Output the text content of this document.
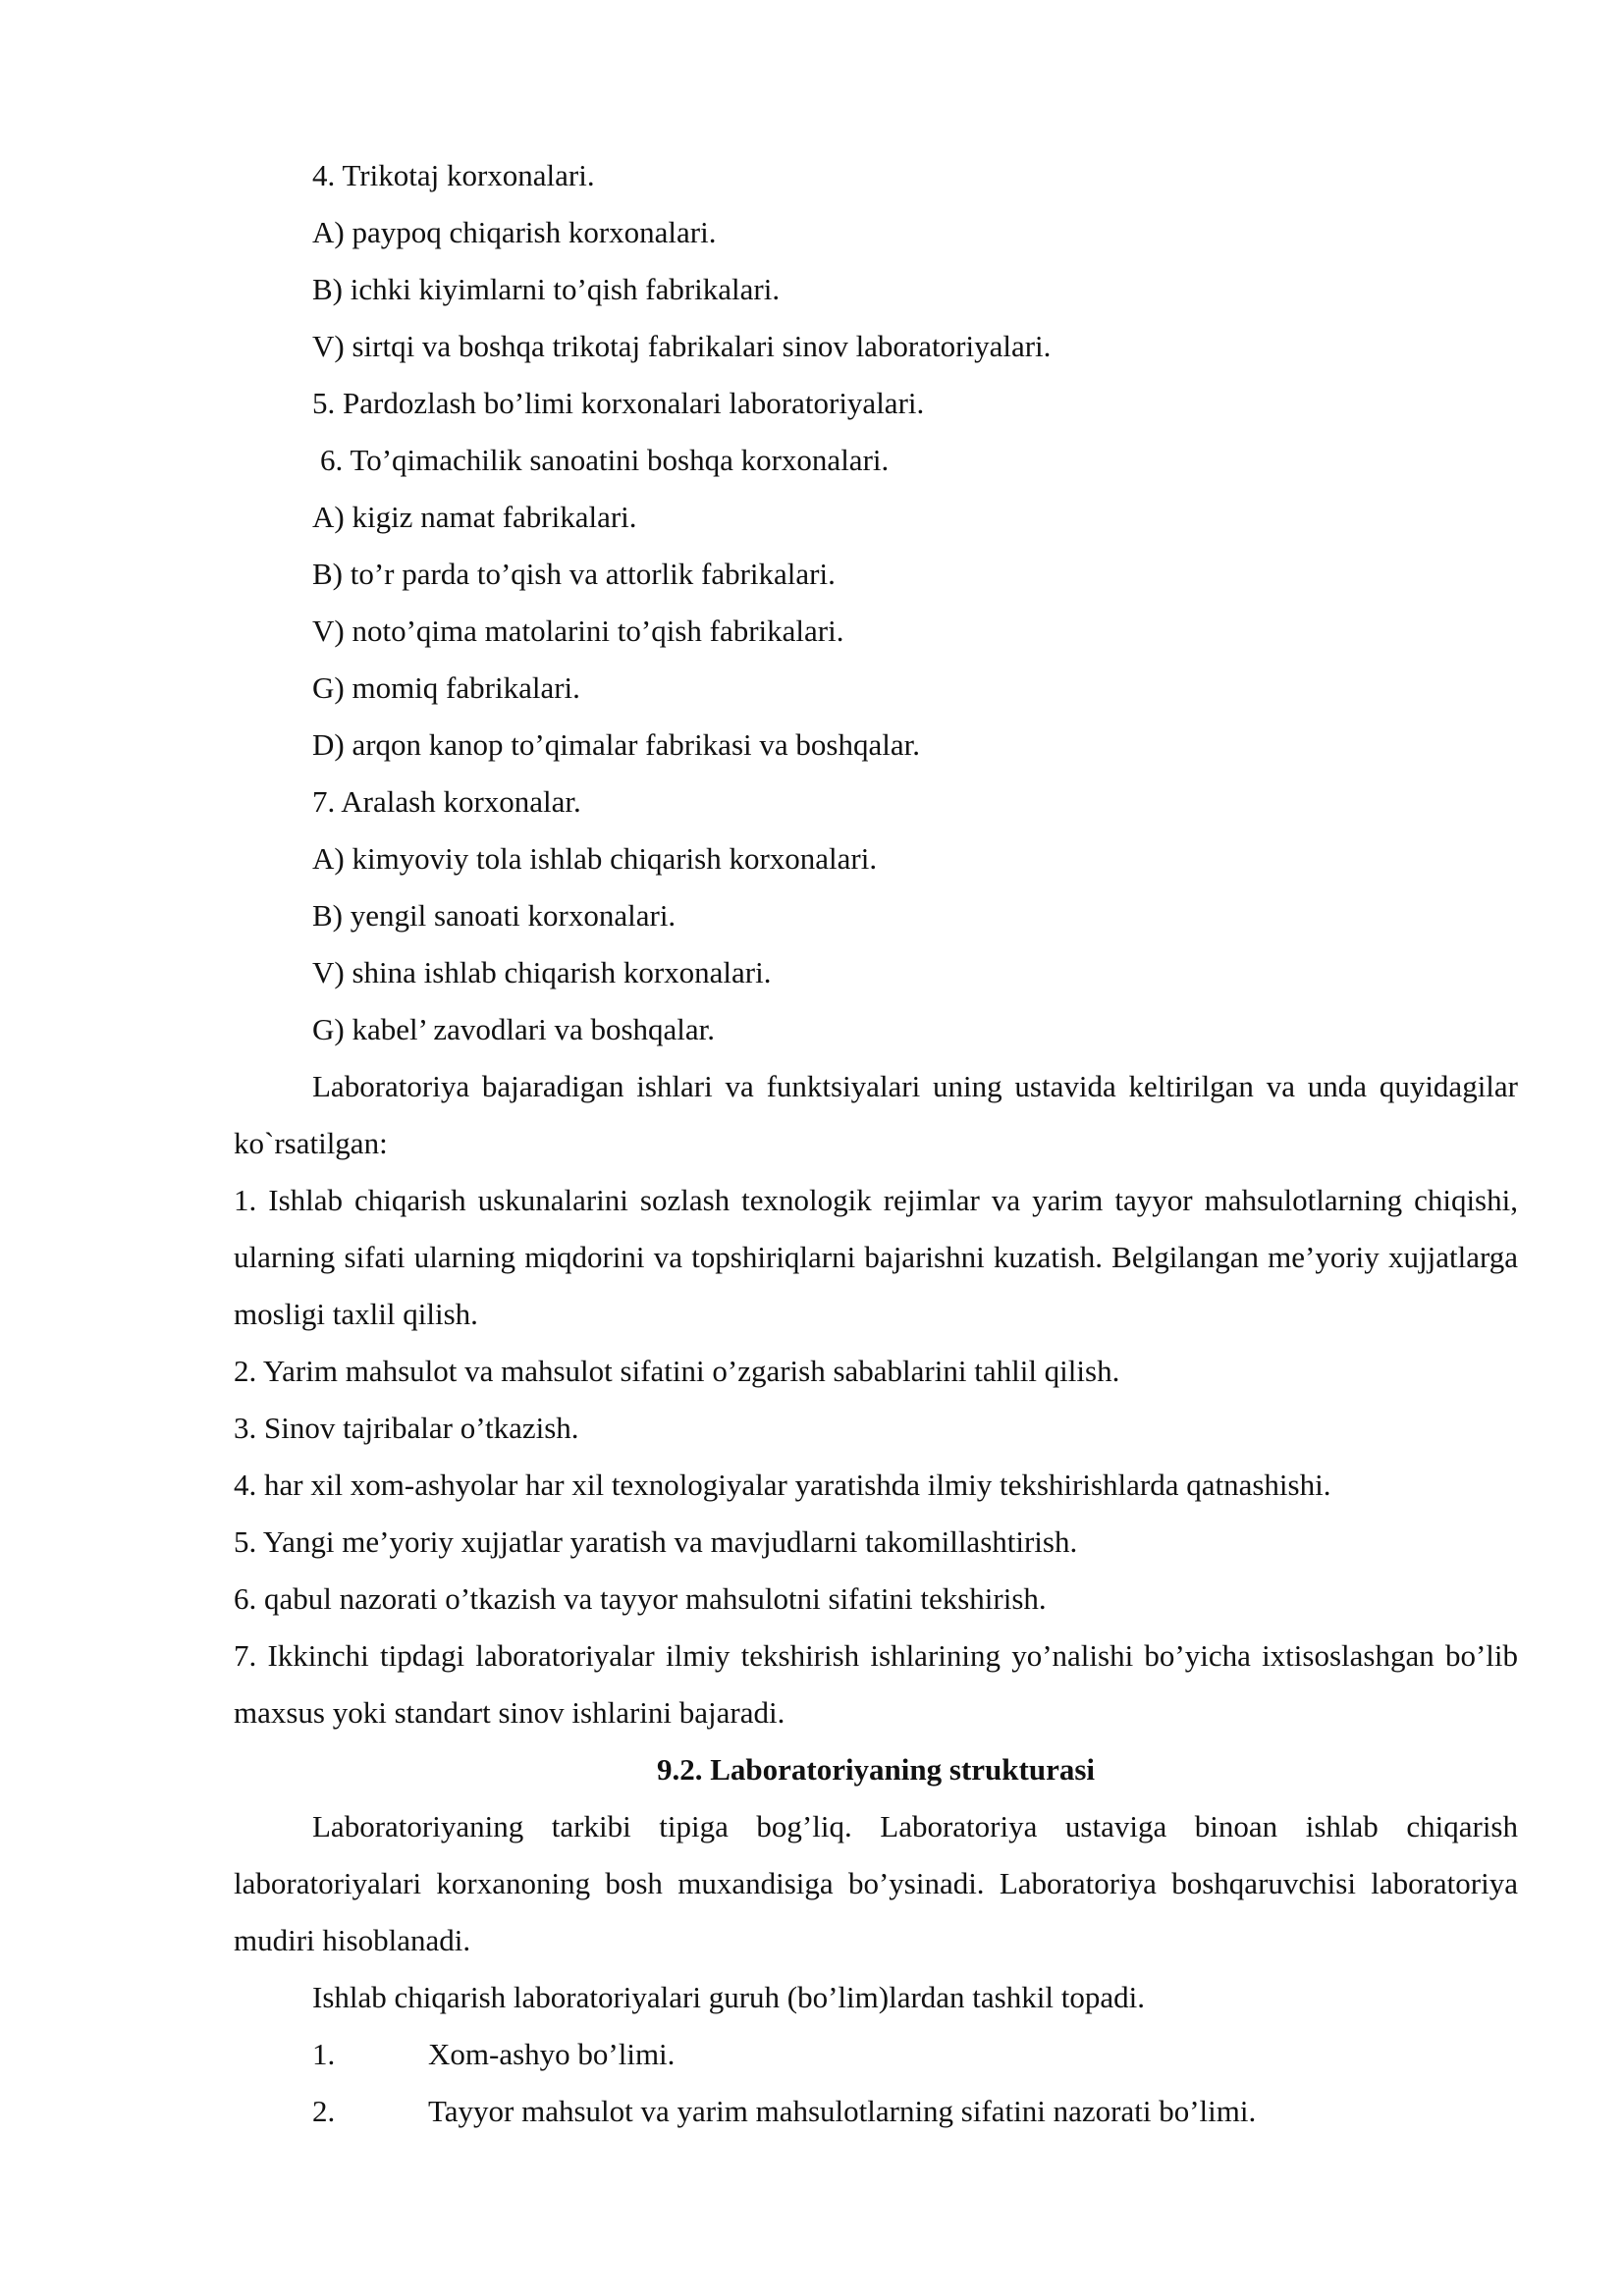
4. Trikotaj korxonalari.
A) paypoq chiqarish korxonalari.
B) ichki kiyimlarni to’qish fabrikalari.
V) sirtqi va boshqa trikotaj fabrikalari sinov laboratoriyalari.
5. Pardozlash bo’limi korxonalari laboratoriyalari.
6. To’qimachilik sanoatini boshqa korxonalari.
A) kigiz namat fabrikalari.
B) to’r parda to’qish va attorlik fabrikalari.
V) noto’qima matolarini to’qish fabrikalari.
G) momiq fabrikalari.
D) arqon kanop to’qimalar fabrikasi va boshqalar.
7. Aralash korxonalar.
A) kimyoviy tola ishlab chiqarish korxonalari.
B) yengil sanoati korxonalari.
V) shina ishlab chiqarish korxonalari.
G) kabel’ zavodlari va boshqalar.
Laboratoriya bajaradigan ishlari va funktsiyalari uning ustavida keltirilgan va unda quyidagilar ko`rsatilgan:
1. Ishlab chiqarish uskunalarini sozlash texnologik rejimlar va yarim tayyor mahsulotlarning chiqishi, ularning sifati ularning miqdorini va topshiriqlarni bajarishni kuzatish. Belgilangan me’yoriy xujjatlarga mosligi taxlil qilish.
2. Yarim mahsulot va mahsulot sifatini o’zgarish sabablarini tahlil qilish.
3. Sinov tajribalar o’tkazish.
4. har xil xom-ashyolar har xil texnologiyalar yaratishda ilmiy tekshirishlarda qatnashishi.
5. Yangi me’yoriy xujjatlar yaratish va mavjudlarni takomillashtirish.
6. qabul nazorati o’tkazish va tayyor mahsulotni sifatini tekshirish.
7. Ikkinchi tipdagi laboratoriyalar ilmiy tekshirish ishlarining yo’nalishi bo’yicha ixtisoslashgan bo’lib maxsus yoki standart sinov ishlarini bajaradi.
9.2. Laboratoriyaning strukturasi
Laboratoriyaning tarkibi tipiga bog’liq. Laboratoriya ustaviga binoan ishlab chiqarish laboratoriyalari korxanoning bosh muxandisiga bo’ysinadi. Laboratoriya boshqaruvchisi laboratoriya mudiri hisoblanadi.
Ishlab chiqarish laboratoriyalari guruh (bo’lim)lardan tashkil topadi.
1.	Xom-ashyo bo’limi.
2.	Tayyor mahsulot va yarim mahsulotlarning sifatini nazorati bo’limi.
